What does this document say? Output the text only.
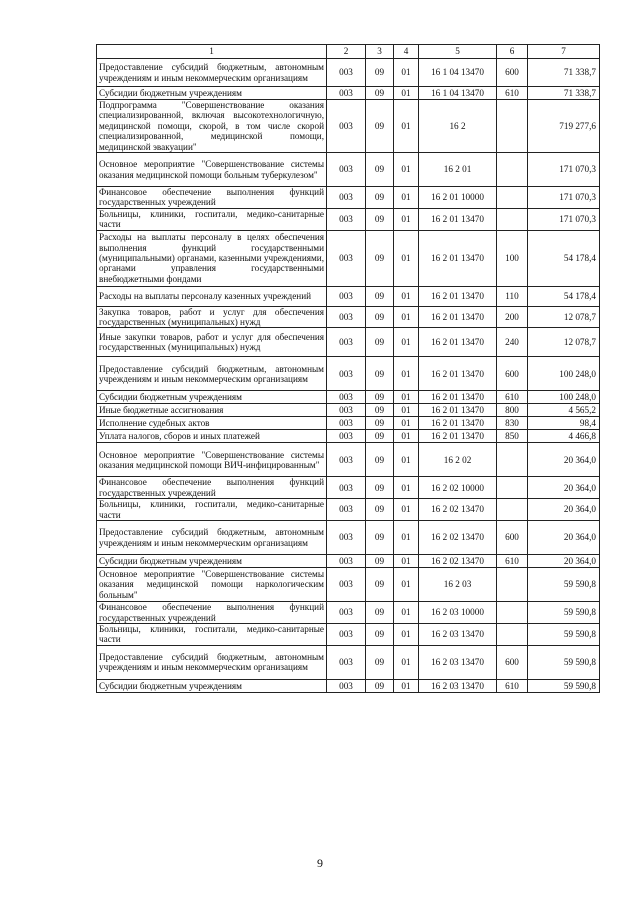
1	2	3	4	5	6	7
Предоставление субсидий бюджетным, автономным учреждениям и иным некоммерческим организациям	003	09	01	16 1 04 13470	600	71 338,7
Субсидии бюджетным учреждениям	003	09	01	16 1 04 13470	610	71 338,7
Подпрограмма "Совершенствование оказания специализированной, включая высокотехнологичную, медицинской помощи, скорой, в том числе скорой специализированной, медицинской помощи, медицинской эвакуации"	003	09	01	16 2		719 277,6
Основное мероприятие "Совершенствование системы оказания медицинской помощи больным туберкулезом"	003	09	01	16 2 01		171 070,3
Финансовое обеспечение выполнения функций государственных учреждений	003	09	01	16 2 01 10000		171 070,3
Больницы, клиники, госпитали, медико-санитарные части	003	09	01	16 2 01 13470		171 070,3
Расходы на выплаты персоналу в целях обеспечения выполнения функций государственными (муниципальными) органами, казенными учреждениями, органами управления государственными внебюджетными фондами	003	09	01	16 2 01 13470	100	54 178,4
Расходы на выплаты персоналу казенных учреждений	003	09	01	16 2 01 13470	110	54 178,4
Закупка товаров, работ и услуг для обеспечения государственных (муниципальных) нужд	003	09	01	16 2 01 13470	200	12 078,7
Иные закупки товаров, работ и услуг для обеспечения государственных (муниципальных) нужд	003	09	01	16 2 01 13470	240	12 078,7
Предоставление субсидий бюджетным, автономным учреждениям и иным некоммерческим организациям	003	09	01	16 2 01 13470	600	100 248,0
Субсидии бюджетным учреждениям	003	09	01	16 2 01 13470	610	100 248,0
Иные бюджетные ассигнования	003	09	01	16 2 01 13470	800	4 565,2
Исполнение судебных актов	003	09	01	16 2 01 13470	830	98,4
Уплата налогов, сборов и иных платежей	003	09	01	16 2 01 13470	850	4 466,8
Основное мероприятие "Совершенствование системы оказания медицинской помощи ВИЧ-инфицированным"	003	09	01	16 2 02		20 364,0
Финансовое обеспечение выполнения функций государственных учреждений	003	09	01	16 2 02 10000		20 364,0
Больницы, клиники, госпитали, медико-санитарные части	003	09	01	16 2 02 13470		20 364,0
Предоставление субсидий бюджетным, автономным учреждениям и иным некоммерческим организациям	003	09	01	16 2 02 13470	600	20 364,0
Субсидии бюджетным учреждениям	003	09	01	16 2 02 13470	610	20 364,0
Основное мероприятие "Совершенствование системы оказания медицинской помощи наркологическим больным"	003	09	01	16 2 03		59 590,8
Финансовое обеспечение выполнения функций государственных учреждений	003	09	01	16 2 03 10000		59 590,8
Больницы, клиники, госпитали, медико-санитарные части	003	09	01	16 2 03 13470		59 590,8
Предоставление субсидий бюджетным, автономным учреждениям и иным некоммерческим организациям	003	09	01	16 2 03 13470	600	59 590,8
Субсидии бюджетным учреждениям	003	09	01	16 2 03 13470	610	59 590,8
9
